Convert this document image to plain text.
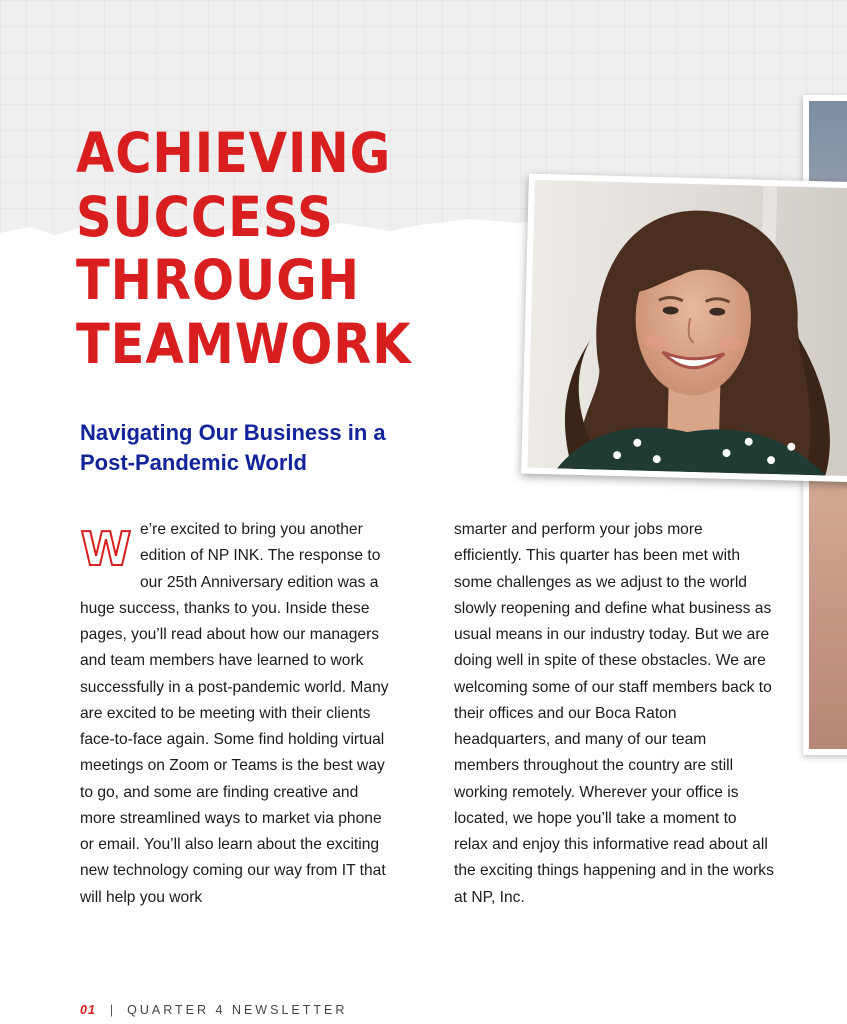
ACHIEVING
SUCCESS
THROUGH
TEAMWORK
Navigating Our Business in a Post-Pandemic World
W e’re excited to bring you another edition of NP INK. The response to our 25th Anniversary edition was a huge success, thanks to you. Inside these pages, you’ll read about how our managers and team members have learned to work successfully in a post-pandemic world. Many are excited to be meeting with their clients face-to-face again. Some find holding virtual meetings on Zoom or Teams is the best way to go, and some are finding creative and more streamlined ways to market via phone or email. You’ll also learn about the exciting new technology coming our way from IT that will help you work
smarter and perform your jobs more efficiently. This quarter has been met with some challenges as we adjust to the world slowly reopening and define what business as usual means in our industry today. But we are doing well in spite of these obstacles. We are welcoming some of our staff members back to their offices and our Boca Raton headquarters, and many of our team members throughout the country are still working remotely. Wherever your office is located, we hope you’ll take a moment to relax and enjoy this informative read about all the exciting things happening and in the works at NP, Inc.
01 | QUARTER 4 NEWSLETTER
